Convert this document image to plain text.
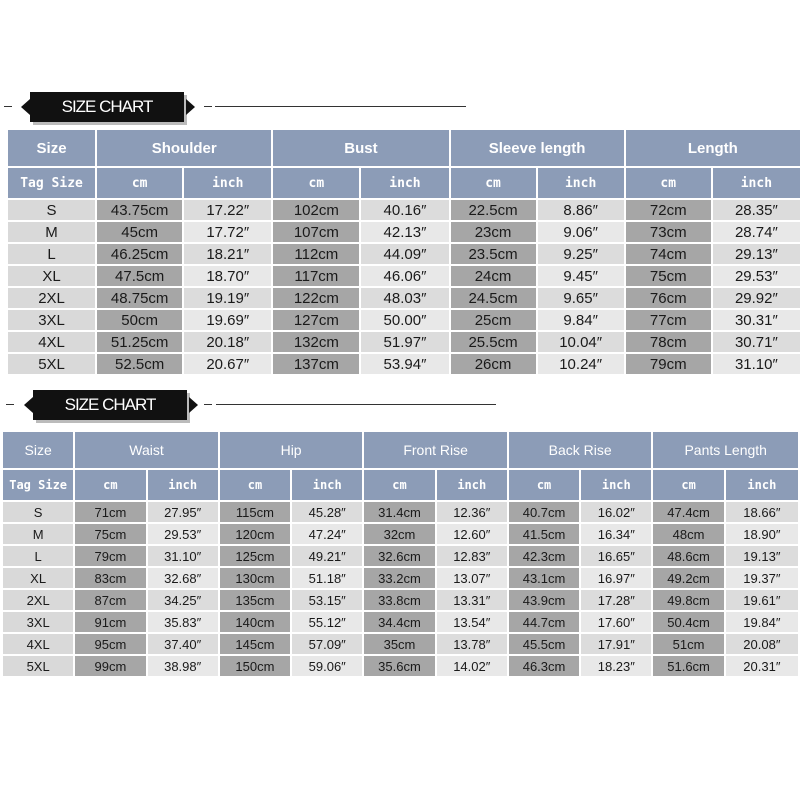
SIZE CHART
Size	Shoulder		Bust		Sleeve length		Length	
Tag Size	cm	inch	cm	inch	cm	inch	cm	inch
S	43.75cm	17.22″	102cm	40.16″	22.5cm	8.86″	72cm	28.35″
M	45cm	17.72″	107cm	42.13″	23cm	9.06″	73cm	28.74″
L	46.25cm	18.21″	112cm	44.09″	23.5cm	9.25″	74cm	29.13″
XL	47.5cm	18.70″	117cm	46.06″	24cm	9.45″	75cm	29.53″
2XL	48.75cm	19.19″	122cm	48.03″	24.5cm	9.65″	76cm	29.92″
3XL	50cm	19.69″	127cm	50.00″	25cm	9.84″	77cm	30.31″
4XL	51.25cm	20.18″	132cm	51.97″	25.5cm	10.04″	78cm	30.71″
5XL	52.5cm	20.67″	137cm	53.94″	26cm	10.24″	79cm	31.10″
SIZE CHART
Size	Waist		Hip		Front Rise		Back Rise		Pants Length	
Tag Size	cm	inch	cm	inch	cm	inch	cm	inch	cm	inch
S	71cm	27.95″	115cm	45.28″	31.4cm	12.36″	40.7cm	16.02″	47.4cm	18.66″
M	75cm	29.53″	120cm	47.24″	32cm	12.60″	41.5cm	16.34″	48cm	18.90″
L	79cm	31.10″	125cm	49.21″	32.6cm	12.83″	42.3cm	16.65″	48.6cm	19.13″
XL	83cm	32.68″	130cm	51.18″	33.2cm	13.07″	43.1cm	16.97″	49.2cm	19.37″
2XL	87cm	34.25″	135cm	53.15″	33.8cm	13.31″	43.9cm	17.28″	49.8cm	19.61″
3XL	91cm	35.83″	140cm	55.12″	34.4cm	13.54″	44.7cm	17.60″	50.4cm	19.84″
4XL	95cm	37.40″	145cm	57.09″	35cm	13.78″	45.5cm	17.91″	51cm	20.08″
5XL	99cm	38.98″	150cm	59.06″	35.6cm	14.02″	46.3cm	18.23″	51.6cm	20.31″
